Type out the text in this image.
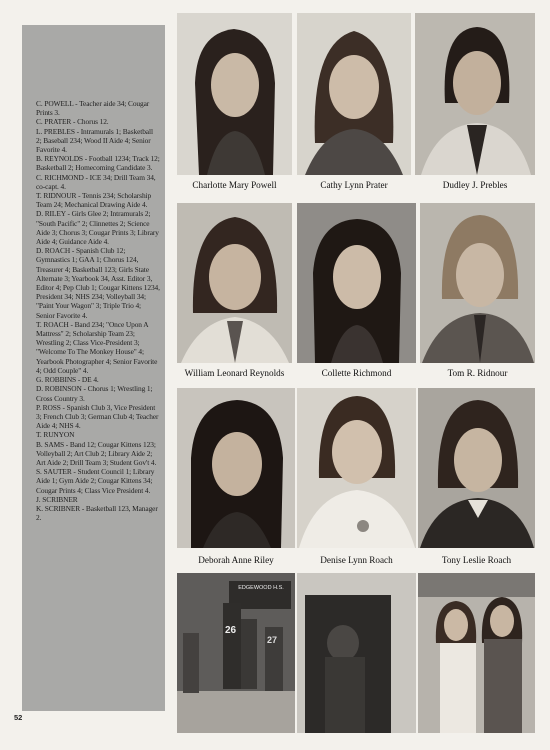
C. POWELL - Teacher aide 34; Cougar Prints 3.

C. PRATER - Chorus 12.

L. PREBLES - Intramurals 1; Basketball 2; Baseball 234; Wood II Aide 4; Senior Favorite 4.

B. REYNOLDS - Football 1234; Track 12; Basketball 2; Homecoming Candidate 3.

C. RICHMOND - ICE 34; Drill Team 34, co-capt. 4.

T. RIDNOUR - Tennis 234; Scholarship Team 24; Mechanical Drawing Aide 4.

D. RILEY - Girls Glee 2; Intramurals 2; "South Pacific" 2; Clinnettes 2; Science Aide 3; Chorus 3; Cougar Prints 3; Library Aide 4; Guidance Aide 4.

D. ROACH - Spanish Club 12; Gymnastics 1; GAA 1; Chorus 124, Treasurer 4; Basketball 123; Girls State Alternate 3; Yearbook 34, Asst. Editor 3, Editor 4; Pep Club 1; Cougar Kittens 1234, President 34; NHS 234; Volleyball 34; "Paint Your Wagon" 3; Triple Trio 4; Senior Favorite 4.

T. ROACH - Band 234; "Once Upon A Mattress" 2; Scholarship Team 23; Wrestling 2; Class Vice-President 3; "Welcome To The Monkey House" 4; Yearbook Photographer 4; Senior Favorite 4; Odd Couple" 4.

G. ROBBINS - DE 4.

D. ROBINSON - Chorus 1; Wrestling 1; Cross Country 3.

P. ROSS - Spanish Club 3, Vice President 3; French Club 3; German Club 4; Teacher Aide 4; NHS 4.

T. RUNYON

B. SAMS - Band 12; Cougar Kittens 123; Volleyball 2; Art Club 2; Library Aide 2; Art Aide 2; Drill Team 3; Student Gov't 4.

S. SAUTER - Student Council 1; Library Aide 1; Gym Aide 2; Cougar Kittens 34; Cougar Prints 4; Class Vice President 4.

J. SCRIBNER

K. SCRIBNER - Basketball 123, Manager 2.

Charlotte Mary Powell	Cathy Lynn Prater	Dudley J. Prebles
William Leonard Reynolds	Collette Richmond	Tom R. Ridnour
Deborah Anne Riley	Denise Lynn Roach	Tony Leslie Roach
EDGEWOOD H.S.
26
27
52
